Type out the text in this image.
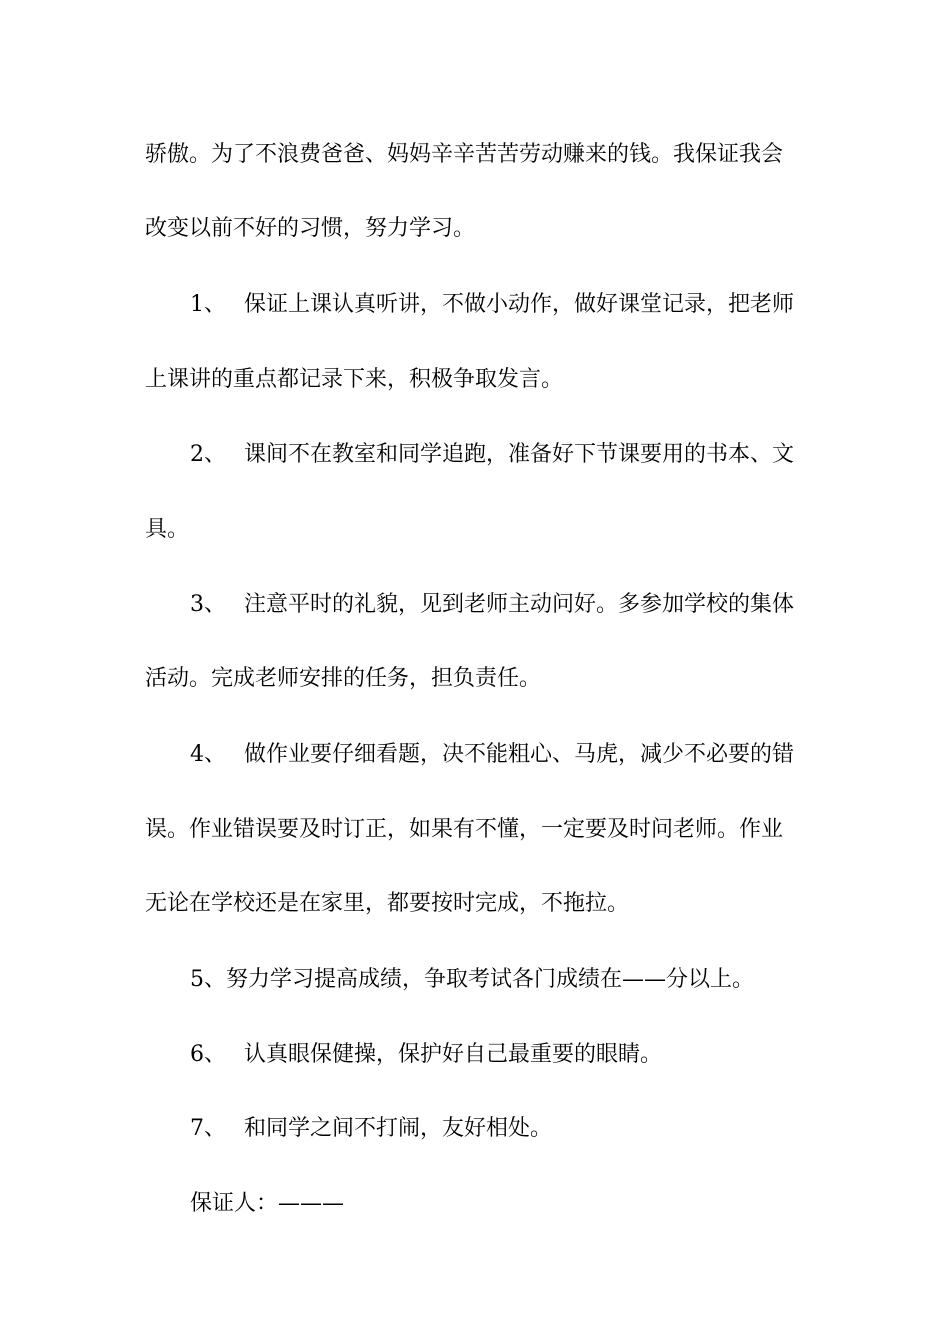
骄傲。为了不浪费爸爸、妈妈辛辛苦苦劳动赚来的钱。我保证我会
改变以前不好的习惯，努力学习。
1、 保证上课认真听讲，不做小动作，做好课堂记录，把老师
上课讲的重点都记录下来，积极争取发言。
2、 课间不在教室和同学追跑，准备好下节课要用的书本、文
具。
3、 注意平时的礼貌，见到老师主动问好。多参加学校的集体
活动。完成老师安排的任务，担负责任。
4、 做作业要仔细看题，决不能粗心、马虎，减少不必要的错
误。作业错误要及时订正，如果有不懂，一定要及时问老师。作业
无论在学校还是在家里，都要按时完成，不拖拉。
5、努力学习提高成绩，争取考试各门成绩在——分以上。
6、 认真眼保健操，保护好自己最重要的眼睛。
7、 和同学之间不打闹，友好相处。
保证人：———
